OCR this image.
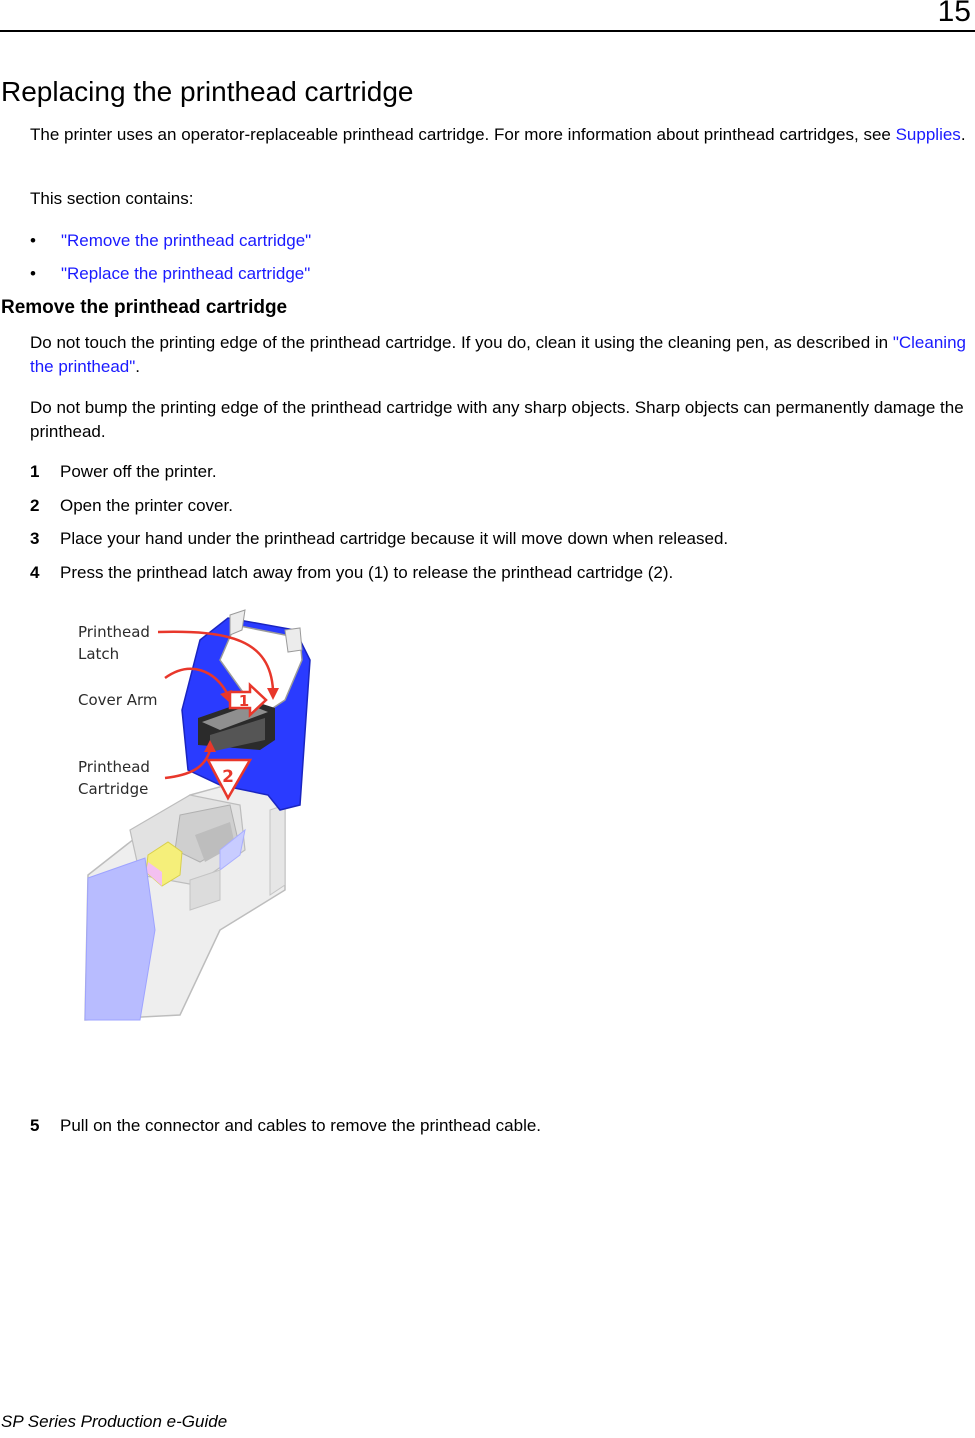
15
Replacing the printhead cartridge

The printer uses an operator-replaceable printhead cartridge. For more information about printhead cartridges, see Supplies.

This section contains:

• "Remove the printhead cartridge"
• "Replace the printhead cartridge"
Remove the printhead cartridge

Do not touch the printing edge of the printhead cartridge. If you do, clean it using the cleaning pen, as described in "Cleaning the printhead".

Do not bump the printing edge of the printhead cartridge with any sharp objects. Sharp objects can permanently damage the printhead.

1 Power off the printer.
2 Open the printer cover.
3 Place your hand under the printhead cartridge because it will move down when released.
4 Press the printhead latch away from you (1) to release the printhead cartridge (2).
1
2
Printhead
Latch
Cover Arm
Printhead
Cartridge
5 Pull on the connector and cables to remove the printhead cable.
SP Series Production e-Guide
